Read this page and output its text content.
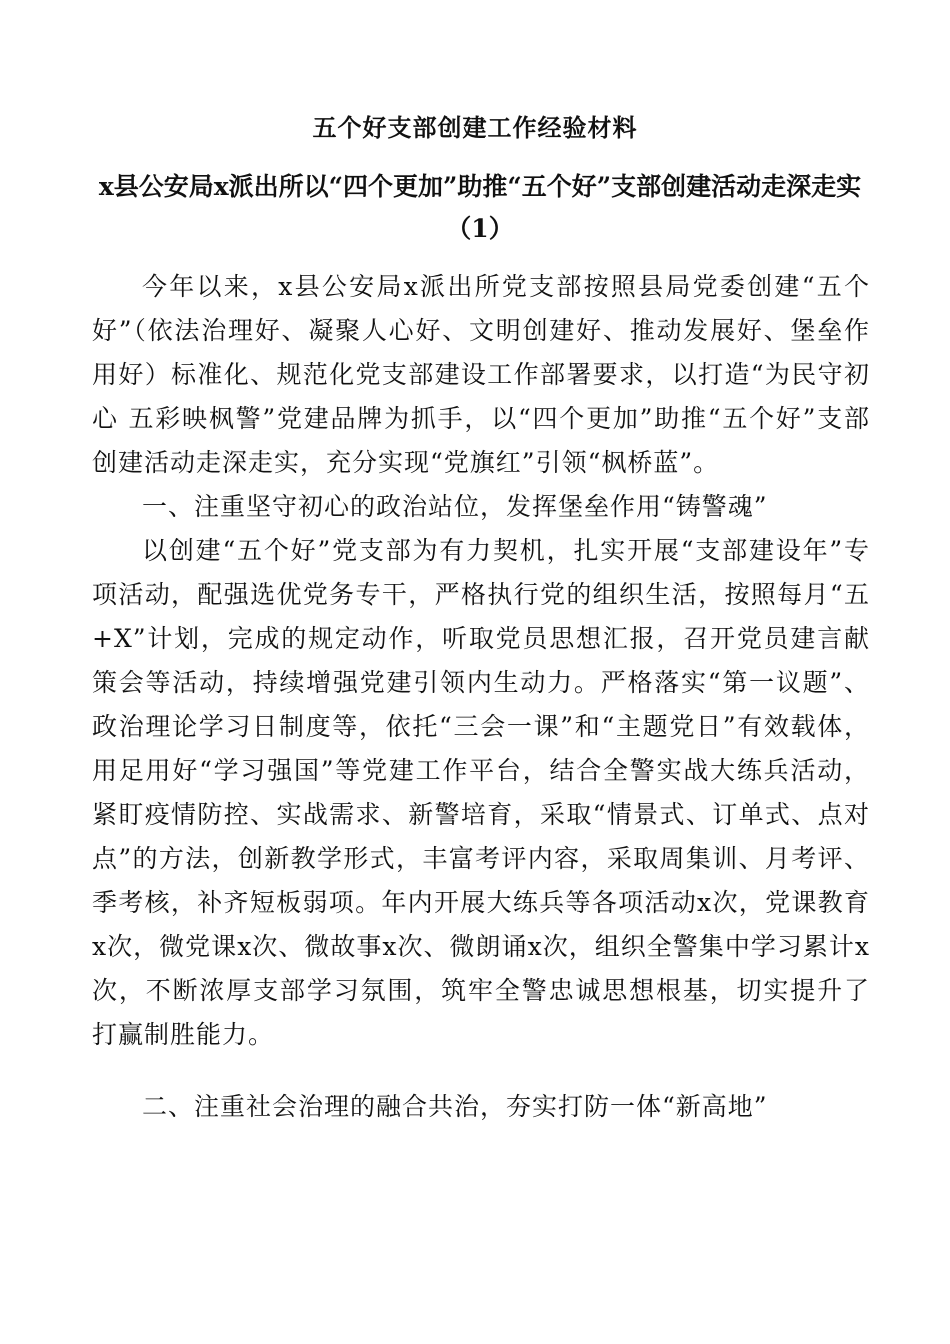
五个好支部创建工作经验材料
x县公安局x派出所以“四个更加”助推“五个好”支部创建活动走深走实（1）

今年以来，x县公安局x派出所党支部按照县局党委创建“五个好”（依法治理好、凝聚人心好、文明创建好、推动发展好、堡垒作用好）标准化、规范化党支部建设工作部署要求，以打造“为民守初心 五彩映枫警”党建品牌为抓手，以“四个更加”助推“五个好”支部创建活动走深走实，充分实现“党旗红”引领“枫桥蓝”。

一、注重坚守初心的政治站位，发挥堡垒作用“铸警魂”

以创建“五个好”党支部为有力契机，扎实开展“支部建设年”专项活动，配强选优党务专干，严格执行党的组织生活，按照每月“五+X”计划，完成的规定动作，听取党员思想汇报，召开党员建言献策会等活动，持续增强党建引领内生动力。严格落实“第一议题”、政治理论学习日制度等，依托“三会一课”和“主题党日”有效载体，用足用好“学习强国”等党建工作平台，结合全警实战大练兵活动，紧盯疫情防控、实战需求、新警培育，采取“情景式、订单式、点对点”的方法，创新教学形式，丰富考评内容，采取周集训、月考评、季考核，补齐短板弱项。年内开展大练兵等各项活动x次，党课教育x次，微党课x次、微故事x次、微朗诵x次，组织全警集中学习累计x次，不断浓厚支部学习氛围，筑牢全警忠诚思想根基，切实提升了打赢制胜能力。

二、注重社会治理的融合共治，夯实打防一体“新高地”
